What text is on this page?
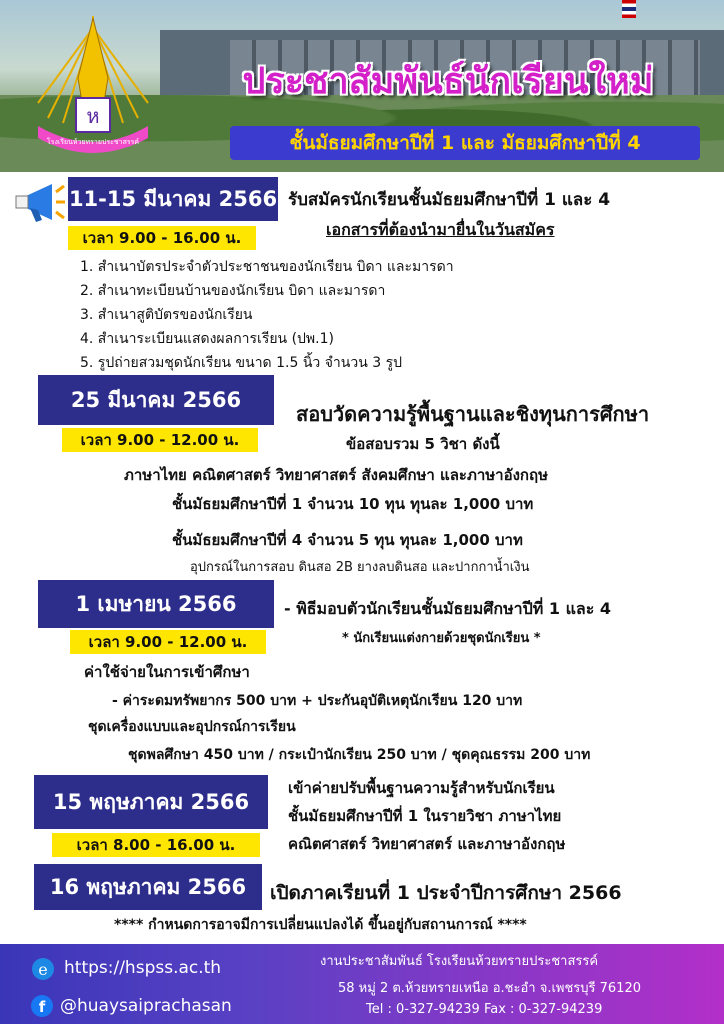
ห
โรงเรียนห้วยทรายประชาสรรค์
ประชาสัมพันธ์นักเรียนใหม่
ชั้นมัธยมศึกษาปีที่ 1 และ มัธยมศึกษาปีที่ 4
11-15 มีนาคม 2566 รับสมัครนักเรียนชั้นมัธยมศึกษาปีที่ 1 และ 4
เวลา 9.00 - 16.00 น.	เอกสารที่ต้องนำมายื่นในวันสมัคร
1. สำเนาบัตรประจำตัวประชาชนของนักเรียน บิดา และมารดา
2. สำเนาทะเบียนบ้านของนักเรียน บิดา และมารดา
3. สำเนาสูติบัตรของนักเรียน
4. สำเนาระเบียนแสดงผลการเรียน (ปพ.1)
5. รูปถ่ายสวมชุดนักเรียน ขนาด 1.5 นิ้ว จำนวน 3 รูป
25 มีนาคม 2566
สอบวัดความรู้พื้นฐานและชิงทุนการศึกษา
เวลา 9.00 - 12.00 น.	ข้อสอบรวม 5 วิชา ดังนี้
ภาษาไทย คณิตศาสตร์ วิทยาศาสตร์ สังคมศึกษา และภาษาอังกฤษ
ชั้นมัธยมศึกษาปีที่ 1 จำนวน 10 ทุน ทุนละ 1,000 บาท
ชั้นมัธยมศึกษาปีที่ 4 จำนวน 5 ทุน ทุนละ 1,000 บาท
อุปกรณ์ในการสอบ ดินสอ 2B ยางลบดินสอ และปากกาน้ำเงิน
1 เมษายน 2566	- พิธีมอบตัวนักเรียนชั้นมัธยมศึกษาปีที่ 1 และ 4
เวลา 9.00 - 12.00 น.	* นักเรียนแต่งกายด้วยชุดนักเรียน *
ค่าใช้จ่ายในการเข้าศึกษา
- ค่าระดมทรัพยากร 500 บาท + ประกันอุบัติเหตุนักเรียน 120 บาท
ชุดเครื่องแบบและอุปกรณ์การเรียน
ชุดพลศึกษา 450 บาท / กระเป๋านักเรียน 250 บาท / ชุดคุณธรรม 200 บาท
15 พฤษภาคม 2566
เข้าค่ายปรับพื้นฐานความรู้สำหรับนักเรียน
ชั้นมัธยมศึกษาปีที่ 1 ในรายวิชา ภาษาไทย
เวลา 8.00 - 16.00 น.	คณิตศาสตร์ วิทยาศาสตร์ และภาษาอังกฤษ
16 พฤษภาคม 2566	เปิดภาคเรียนที่ 1 ประจำปีการศึกษา 2566
**** กำหนดการอาจมีการเปลี่ยนแปลงได้ ขึ้นอยู่กับสถานการณ์ ****
e https://hspss.ac.th
f @huaysaiprachasan
งานประชาสัมพันธ์ โรงเรียนห้วยทรายประชาสรรค์
58 หมู่ 2 ต.ห้วยทรายเหนือ อ.ชะอำ จ.เพชรบุรี 76120
Tel : 0-327-94239 Fax : 0-327-94239
